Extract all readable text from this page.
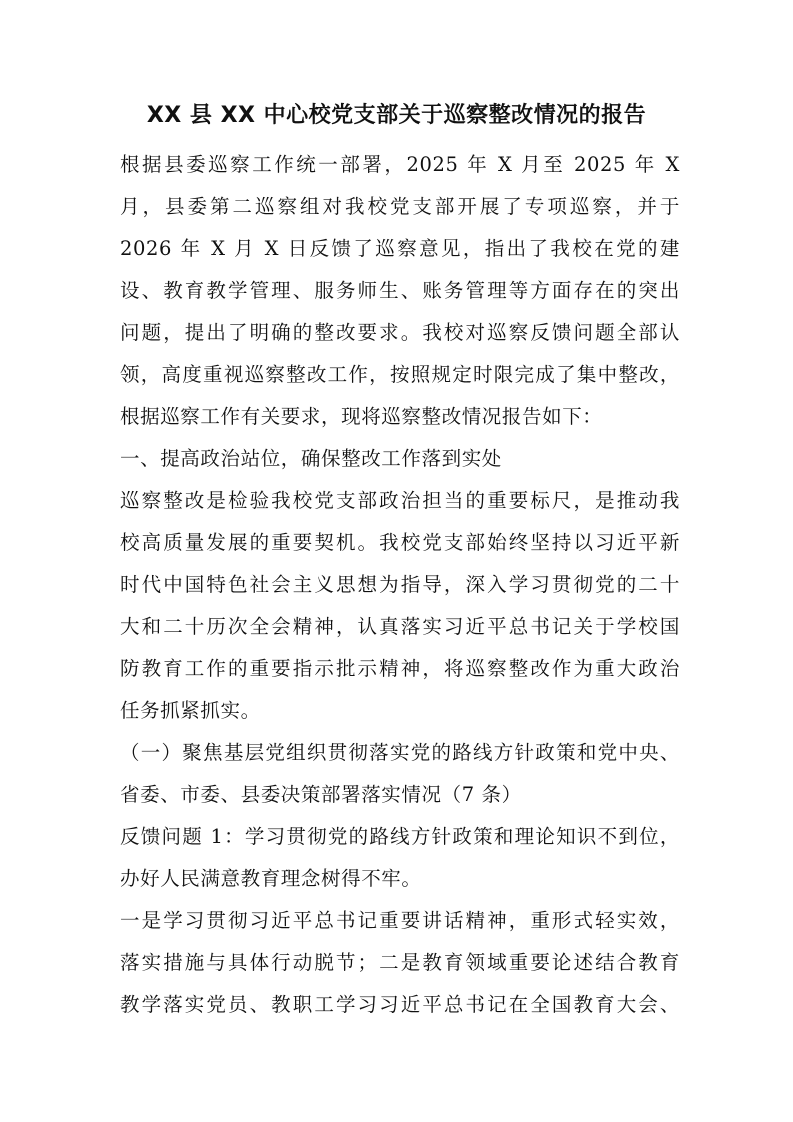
XX 县 XX 中心校党支部关于巡察整改情况的报告
根据县委巡察工作统一部署，2025 年 X 月至 2025 年 X
月，县委第二巡察组对我校党支部开展了专项巡察，并于
2026 年 X 月 X 日反馈了巡察意见，指出了我校在党的建
设、教育教学管理、服务师生、账务管理等方面存在的突出
问题，提出了明确的整改要求。我校对巡察反馈问题全部认
领，高度重视巡察整改工作，按照规定时限完成了集中整改，
根据巡察工作有关要求，现将巡察整改情况报告如下：
一、提高政治站位，确保整改工作落到实处
巡察整改是检验我校党支部政治担当的重要标尺，是推动我
校高质量发展的重要契机。我校党支部始终坚持以习近平新
时代中国特色社会主义思想为指导，深入学习贯彻党的二十
大和二十历次全会精神，认真落实习近平总书记关于学校国
防教育工作的重要指示批示精神，将巡察整改作为重大政治
任务抓紧抓实。
（一）聚焦基层党组织贯彻落实党的路线方针政策和党中央、
省委、市委、县委决策部署落实情况（7 条）
反馈问题 1：学习贯彻党的路线方针政策和理论知识不到位，
办好人民满意教育理念树得不牢。
一是学习贯彻习近平总书记重要讲话精神，重形式轻实效，
落实措施与具体行动脱节；二是教育领域重要论述结合教育
教学落实党员、教职工学习习近平总书记在全国教育大会、
